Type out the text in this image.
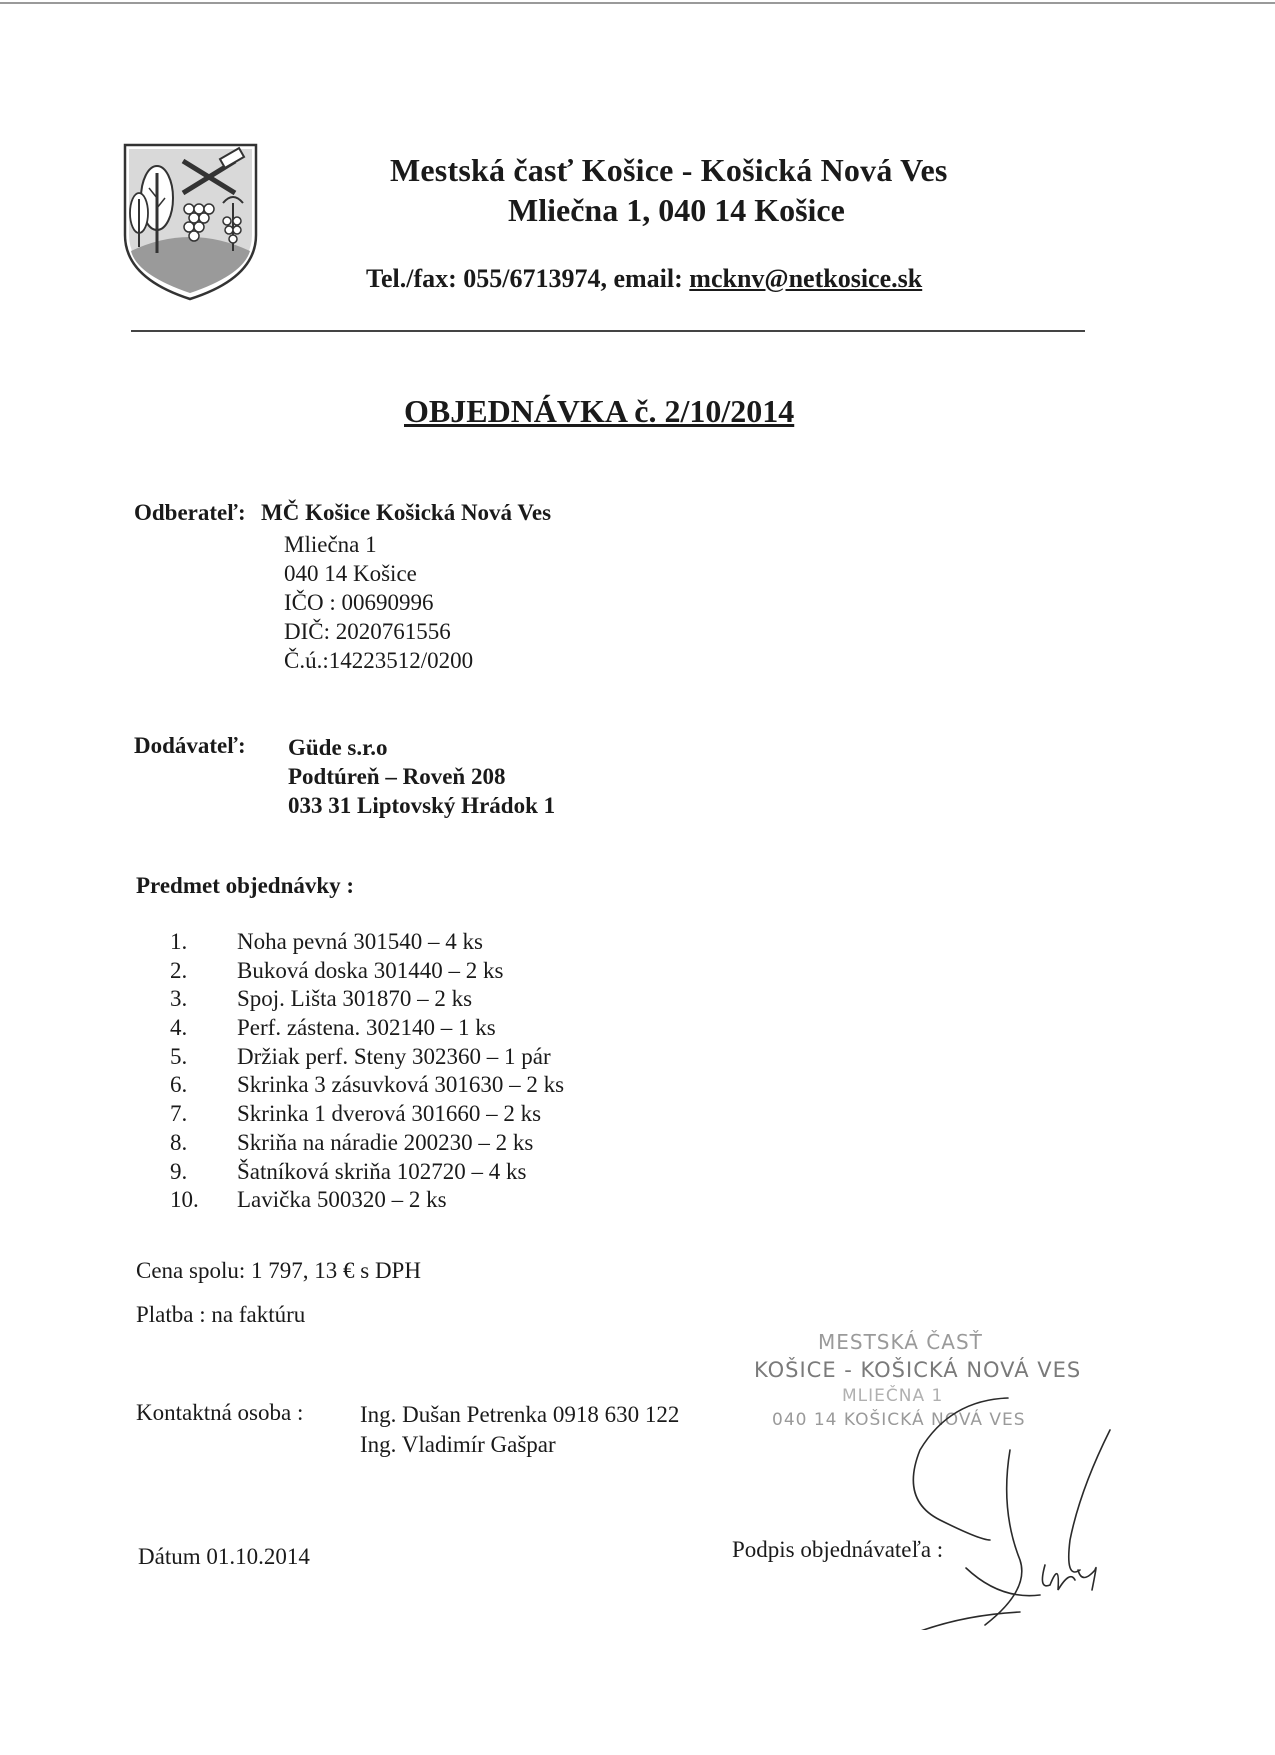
Mestská časť Košice - Košická Nová Ves
Mliečna 1, 040 14 Košice
Tel./fax: 055/6713974, email: mcknv@netkosice.sk
OBJEDNÁVKA č. 2/10/2014
Odberateľ: MČ Košice Košická Nová Ves
Mliečna 1
040 14 Košice
IČO : 00690996
DIČ: 2020761556
Č.ú.:14223512/0200
Dodávateľ: Güde s.r.o
Podtúreň – Roveň 208
033 31 Liptovský Hrádok 1
Predmet objednávky :
1.	Noha pevná 301540 – 4 ks
2.	Buková doska 301440 – 2 ks
3.	Spoj. Lišta 301870 – 2 ks
4.	Perf. zástena. 302140 – 1 ks
5.	Držiak perf. Steny 302360 – 1 pár
6.	Skrinka 3 zásuvková 301630 – 2 ks
7.	Skrinka 1 dverová 301660 – 2 ks
8.	Skriňa na náradie 200230 – 2 ks
9.	Šatníková skriňa 102720 – 4 ks
10.	Lavička 500320 – 2 ks
Cena spolu: 1 797, 13 € s DPH
Platba : na faktúru
Kontaktná osoba : Ing. Dušan Petrenka 0918 630 122
Ing. Vladimír Gašpar
Dátum 01.10.2014	Podpis objednávateľa :
MESTSKÁ ČASŤ
KOŠICE - KOŠICKÁ NOVÁ VES
MLIEČNA 1
040 14 KOŠICKÁ NOVÁ VES
